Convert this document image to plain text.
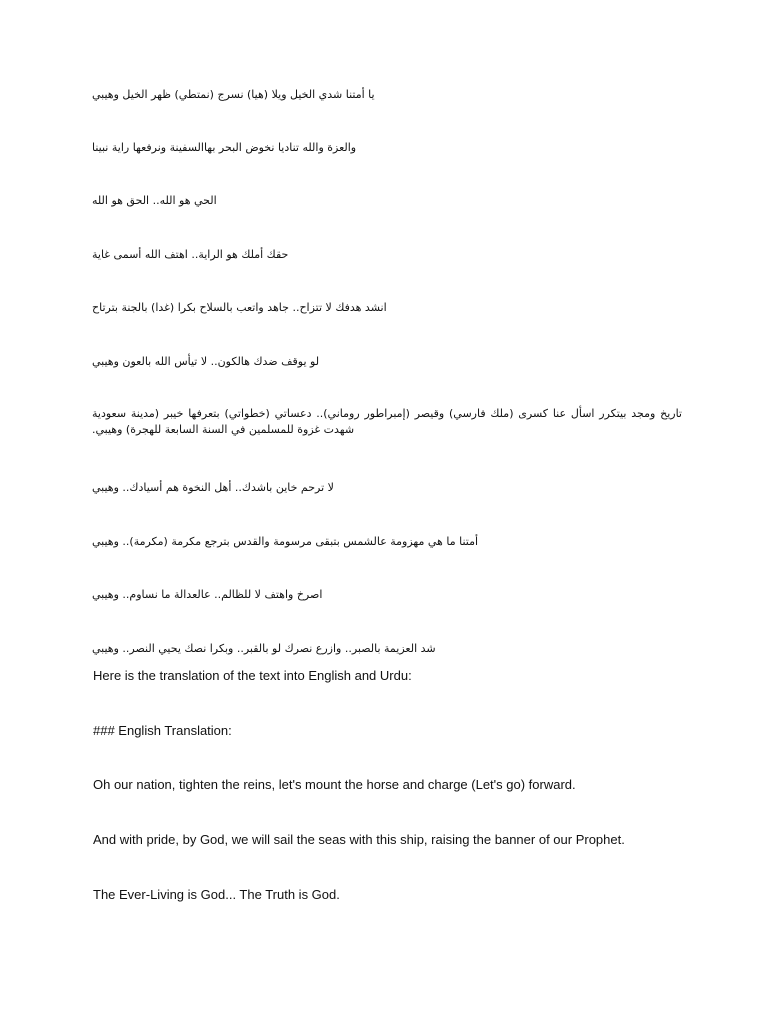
يا أمتنا شدي الخيل ويلا (هيا) نسرج (نمتطي) ظهر الخيل وهيبي
والعزة والله تناديا نخوض البحر بهاالسفينة ونرفعها راية نبينا
الحي هو الله.. الحق هو الله
حقك أملك هو الراية.. اهتف الله أسمى غاية
انشد هدفك لا تتزاح.. جاهد واتعب بالسلاح بكرا (غدا) بالجنة بترتاح
لو يوقف ضدك هالكون.. لا تيأس الله بالعون وهيبي
تاريخ ومجد بيتكرر اسأل عنا كسرى (ملك فارسي) وقيصر (إمبراطور روماني).. دعساتي (خطواتي) بتعرفها خيبر (مدينة سعودية شهدت غزوة للمسلمين في السنة السابعة للهجرة) وهيبي.
لا ترحم خاين باشدك.. أهل النخوة هم أسيادك.. وهيبي
أمتنا ما هي مهزومة عالشمس بتبقى مرسومة والقدس بترجع مكرمة (مكرمة).. وهيبي
اصرخ واهتف لا للظالم.. عالعدالة ما نساوم.. وهيبي
شد العزيمة بالصبر.. وازرع نصرك لو بالقبر.. وبكرا نصك يحيي النصر.. وهيبي
Here is the translation of the text into English and Urdu:
### English Translation:
Oh our nation, tighten the reins, let's mount the horse and charge (Let's go) forward.
And with pride, by God, we will sail the seas with this ship, raising the banner of our Prophet.
The Ever-Living is God... The Truth is God.
